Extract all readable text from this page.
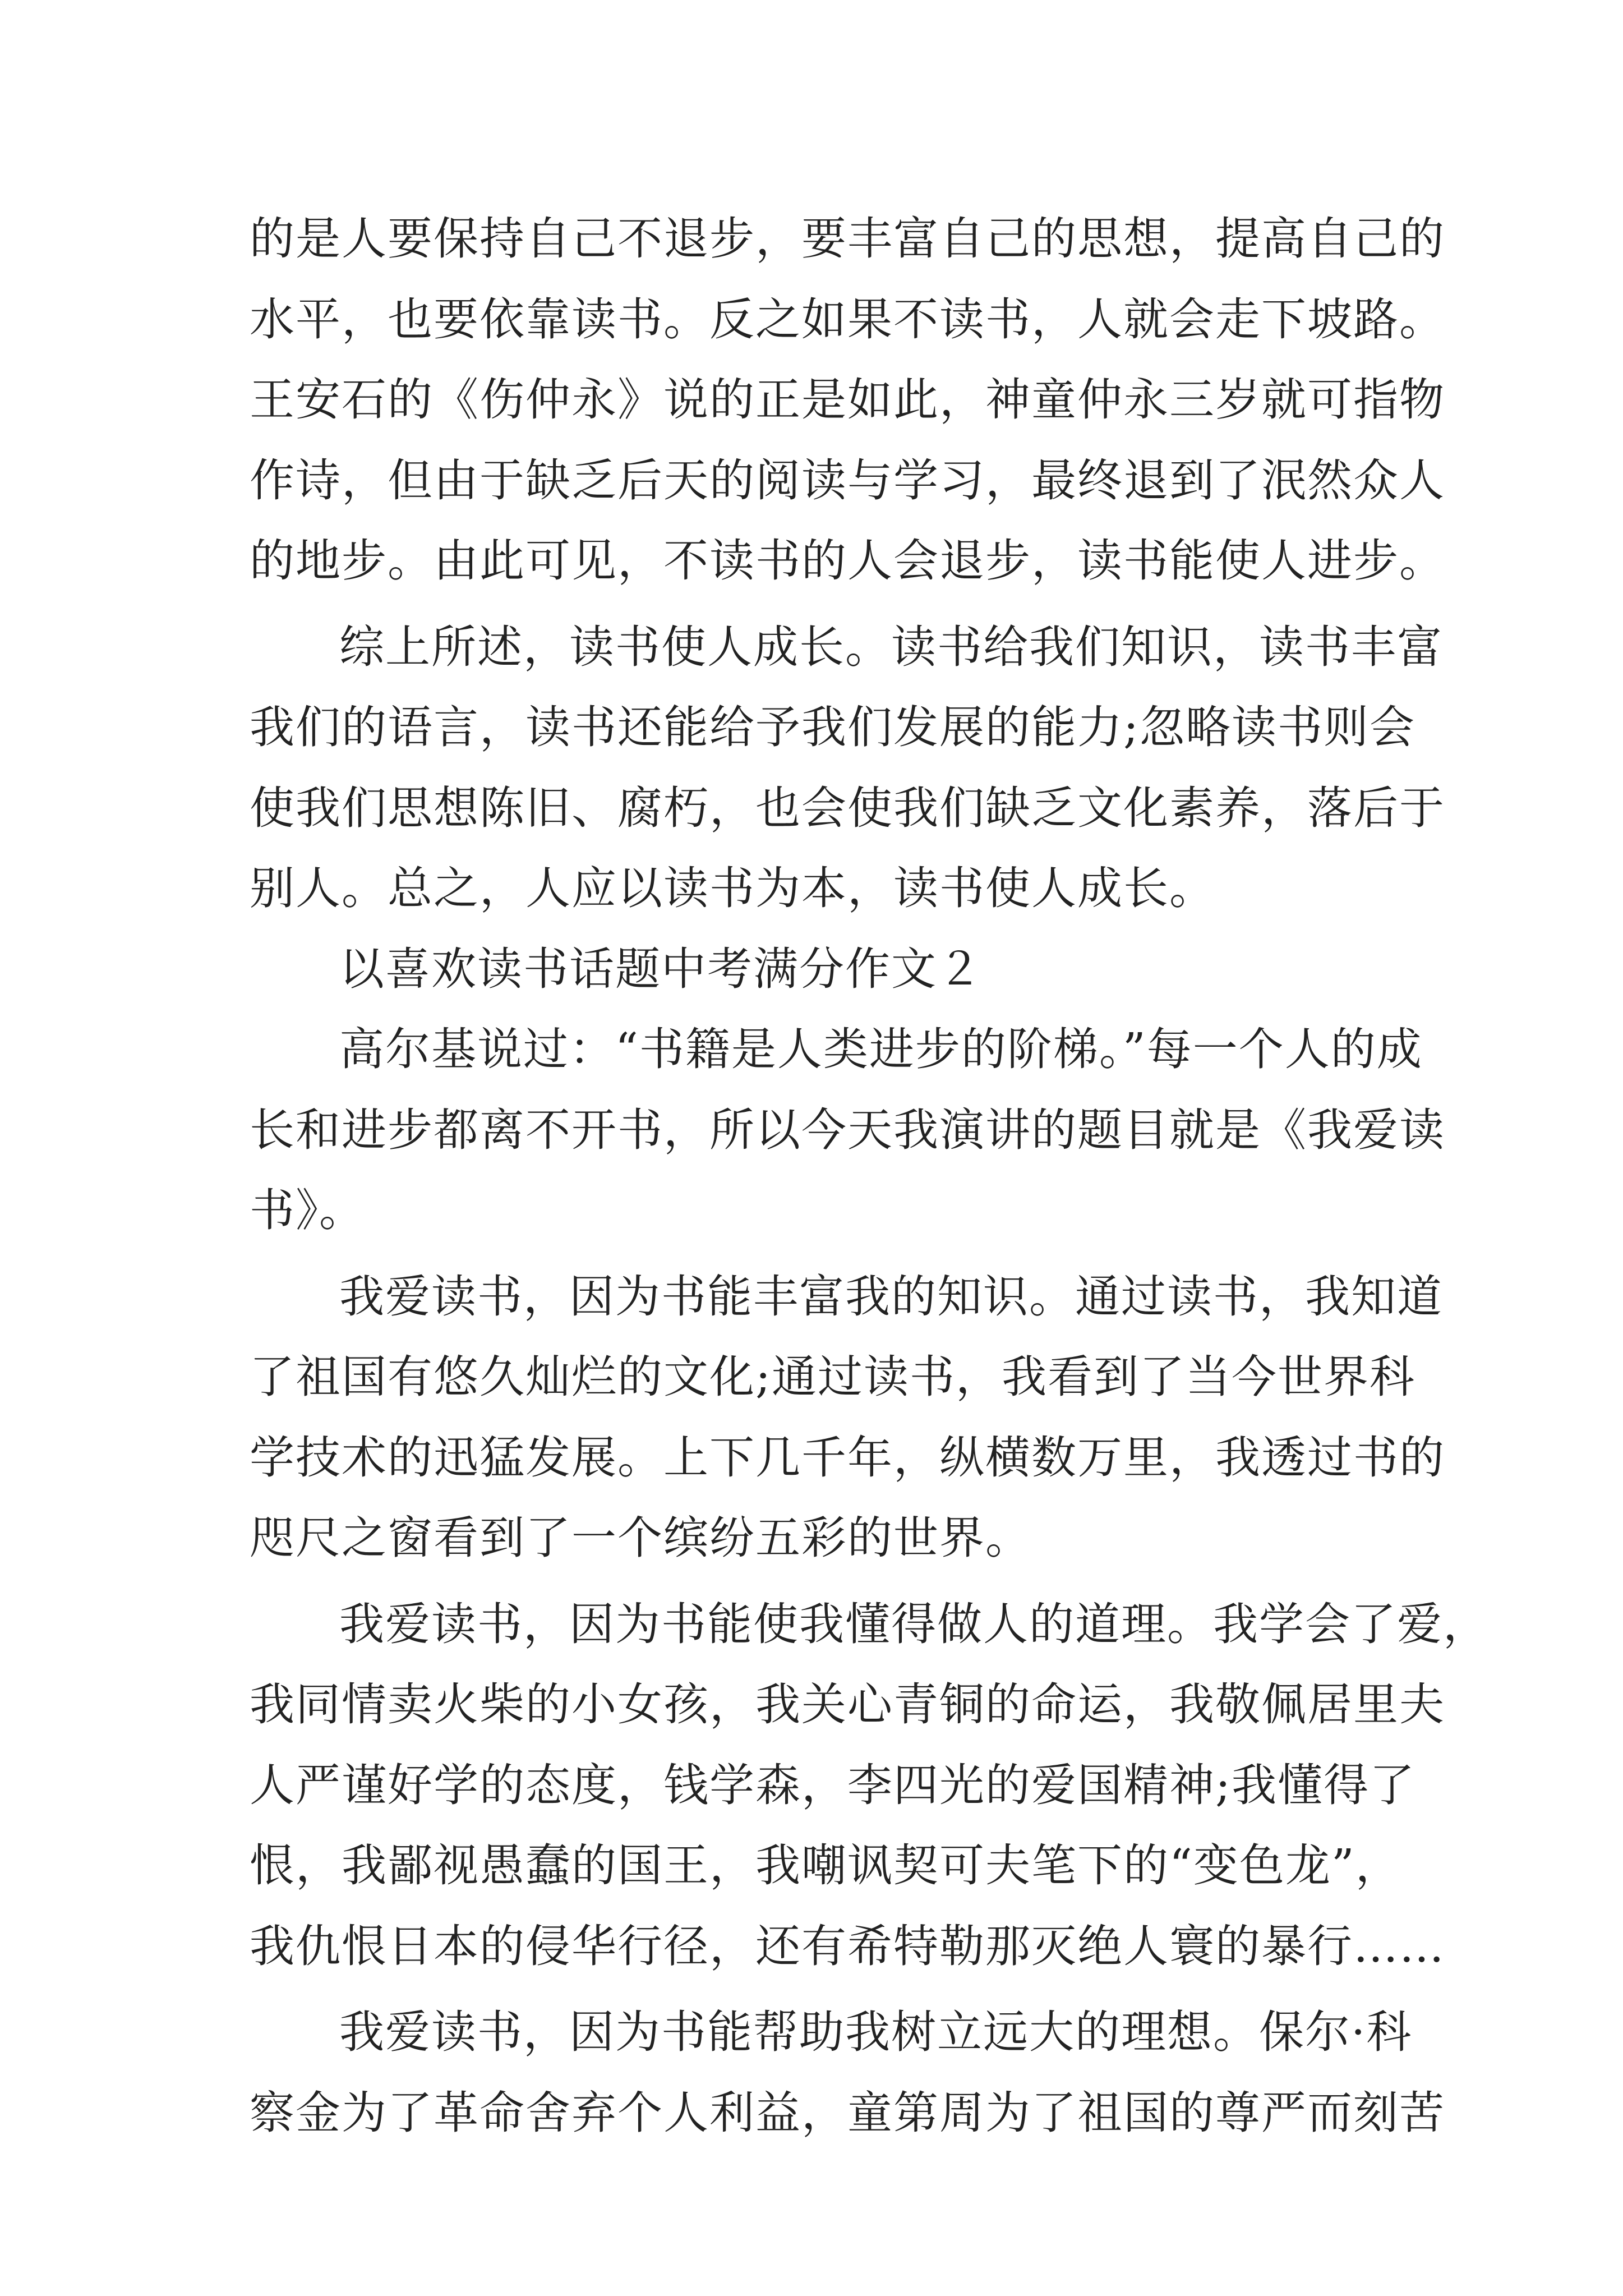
的是人要保持自己不退步，要丰富自己的思想，提高自己的
水平，也要依靠读书。反之如果不读书，人就会走下坡路。
王安石的《伤仲永》说的正是如此，神童仲永三岁就可指物
作诗，但由于缺乏后天的阅读与学习，最终退到了泯然众人
的地步。由此可见，不读书的人会退步，读书能使人进步。
综上所述，读书使人成长。读书给我们知识，读书丰富
我们的语言，读书还能给予我们发展的能力;忽略读书则会
使我们思想陈旧、腐朽，也会使我们缺乏文化素养，落后于
别人。总之，人应以读书为本，读书使人成长。
以喜欢读书话题中考满分作文２
高尔基说过：“书籍是人类进步的阶梯。”每一个人的成
长和进步都离不开书，所以今天我演讲的题目就是《我爱读
书》。
我爱读书，因为书能丰富我的知识。通过读书，我知道
了祖国有悠久灿烂的文化;通过读书，我看到了当今世界科
学技术的迅猛发展。上下几千年，纵横数万里，我透过书的
咫尺之窗看到了一个缤纷五彩的世界。
我爱读书，因为书能使我懂得做人的道理。我学会了爱，
我同情卖火柴的小女孩，我关心青铜的命运，我敬佩居里夫
人严谨好学的态度，钱学森，李四光的爱国精神;我懂得了
恨，我鄙视愚蠢的国王，我嘲讽契可夫笔下的“变色龙”，
我仇恨日本的侵华行径，还有希特勒那灭绝人寰的暴行……
我爱读书，因为书能帮助我树立远大的理想。保尔·科
察金为了革命舍弃个人利益，童第周为了祖国的尊严而刻苦
